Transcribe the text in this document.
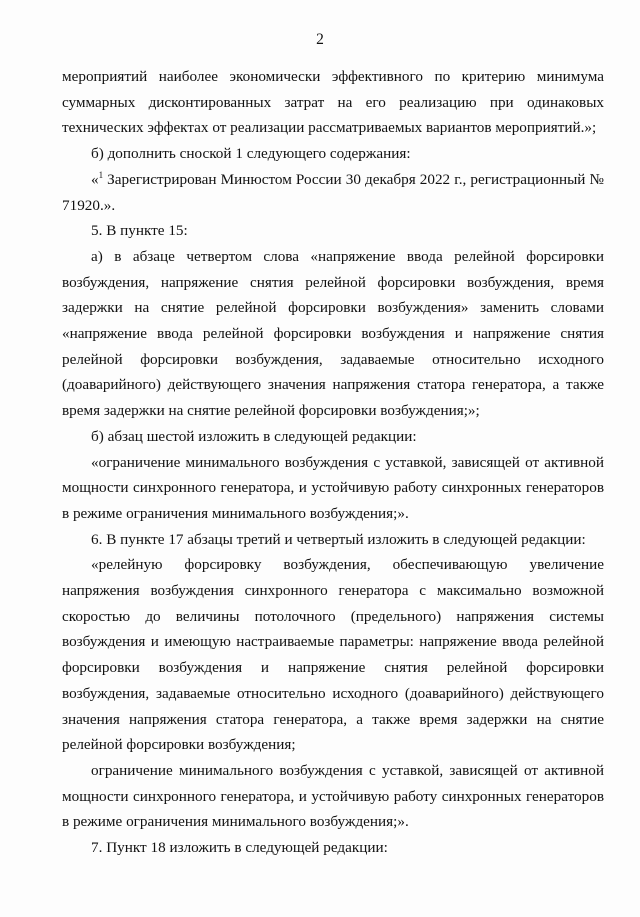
2

мероприятий наиболее экономически эффективного по критерию минимума суммарных дисконтированных затрат на его реализацию при одинаковых технических эффектах от реализации рассматриваемых вариантов мероприятий.»;

б) дополнить сноской 1 следующего содержания:

«$^1$ Зарегистрирован Минюстом России 30 декабря 2022 г., регистрационный № 71920.».

5. В пункте 15:

а) в абзаце четвертом слова «напряжение ввода релейной форсировки возбуждения, напряжение снятия релейной форсировки возбуждения, время задержки на снятие релейной форсировки возбуждения» заменить словами «напряжение ввода релейной форсировки возбуждения и напряжение снятия релейной форсировки возбуждения, задаваемые относительно исходного (доаварийного) действующего значения напряжения статора генератора, а также время задержки на снятие релейной форсировки возбуждения;»;

б) абзац шестой изложить в следующей редакции:

«ограничение минимального возбуждения с уставкой, зависящей от активной мощности синхронного генератора, и устойчивую работу синхронных генераторов в режиме ограничения минимального возбуждения;».

6. В пункте 17 абзацы третий и четвертый изложить в следующей редакции:

«релейную форсировку возбуждения, обеспечивающую увеличение напряжения возбуждения синхронного генератора с максимально возможной скоростью до величины потолочного (предельного) напряжения системы возбуждения и имеющую настраиваемые параметры: напряжение ввода релейной форсировки возбуждения и напряжение снятия релейной форсировки возбуждения, задаваемые относительно исходного (доаварийного) действующего значения напряжения статора генератора, а также время задержки на снятие релейной форсировки возбуждения;

ограничение минимального возбуждения с уставкой, зависящей от активной мощности синхронного генератора, и устойчивую работу синхронных генераторов в режиме ограничения минимального возбуждения;».

7. Пункт 18 изложить в следующей редакции:
